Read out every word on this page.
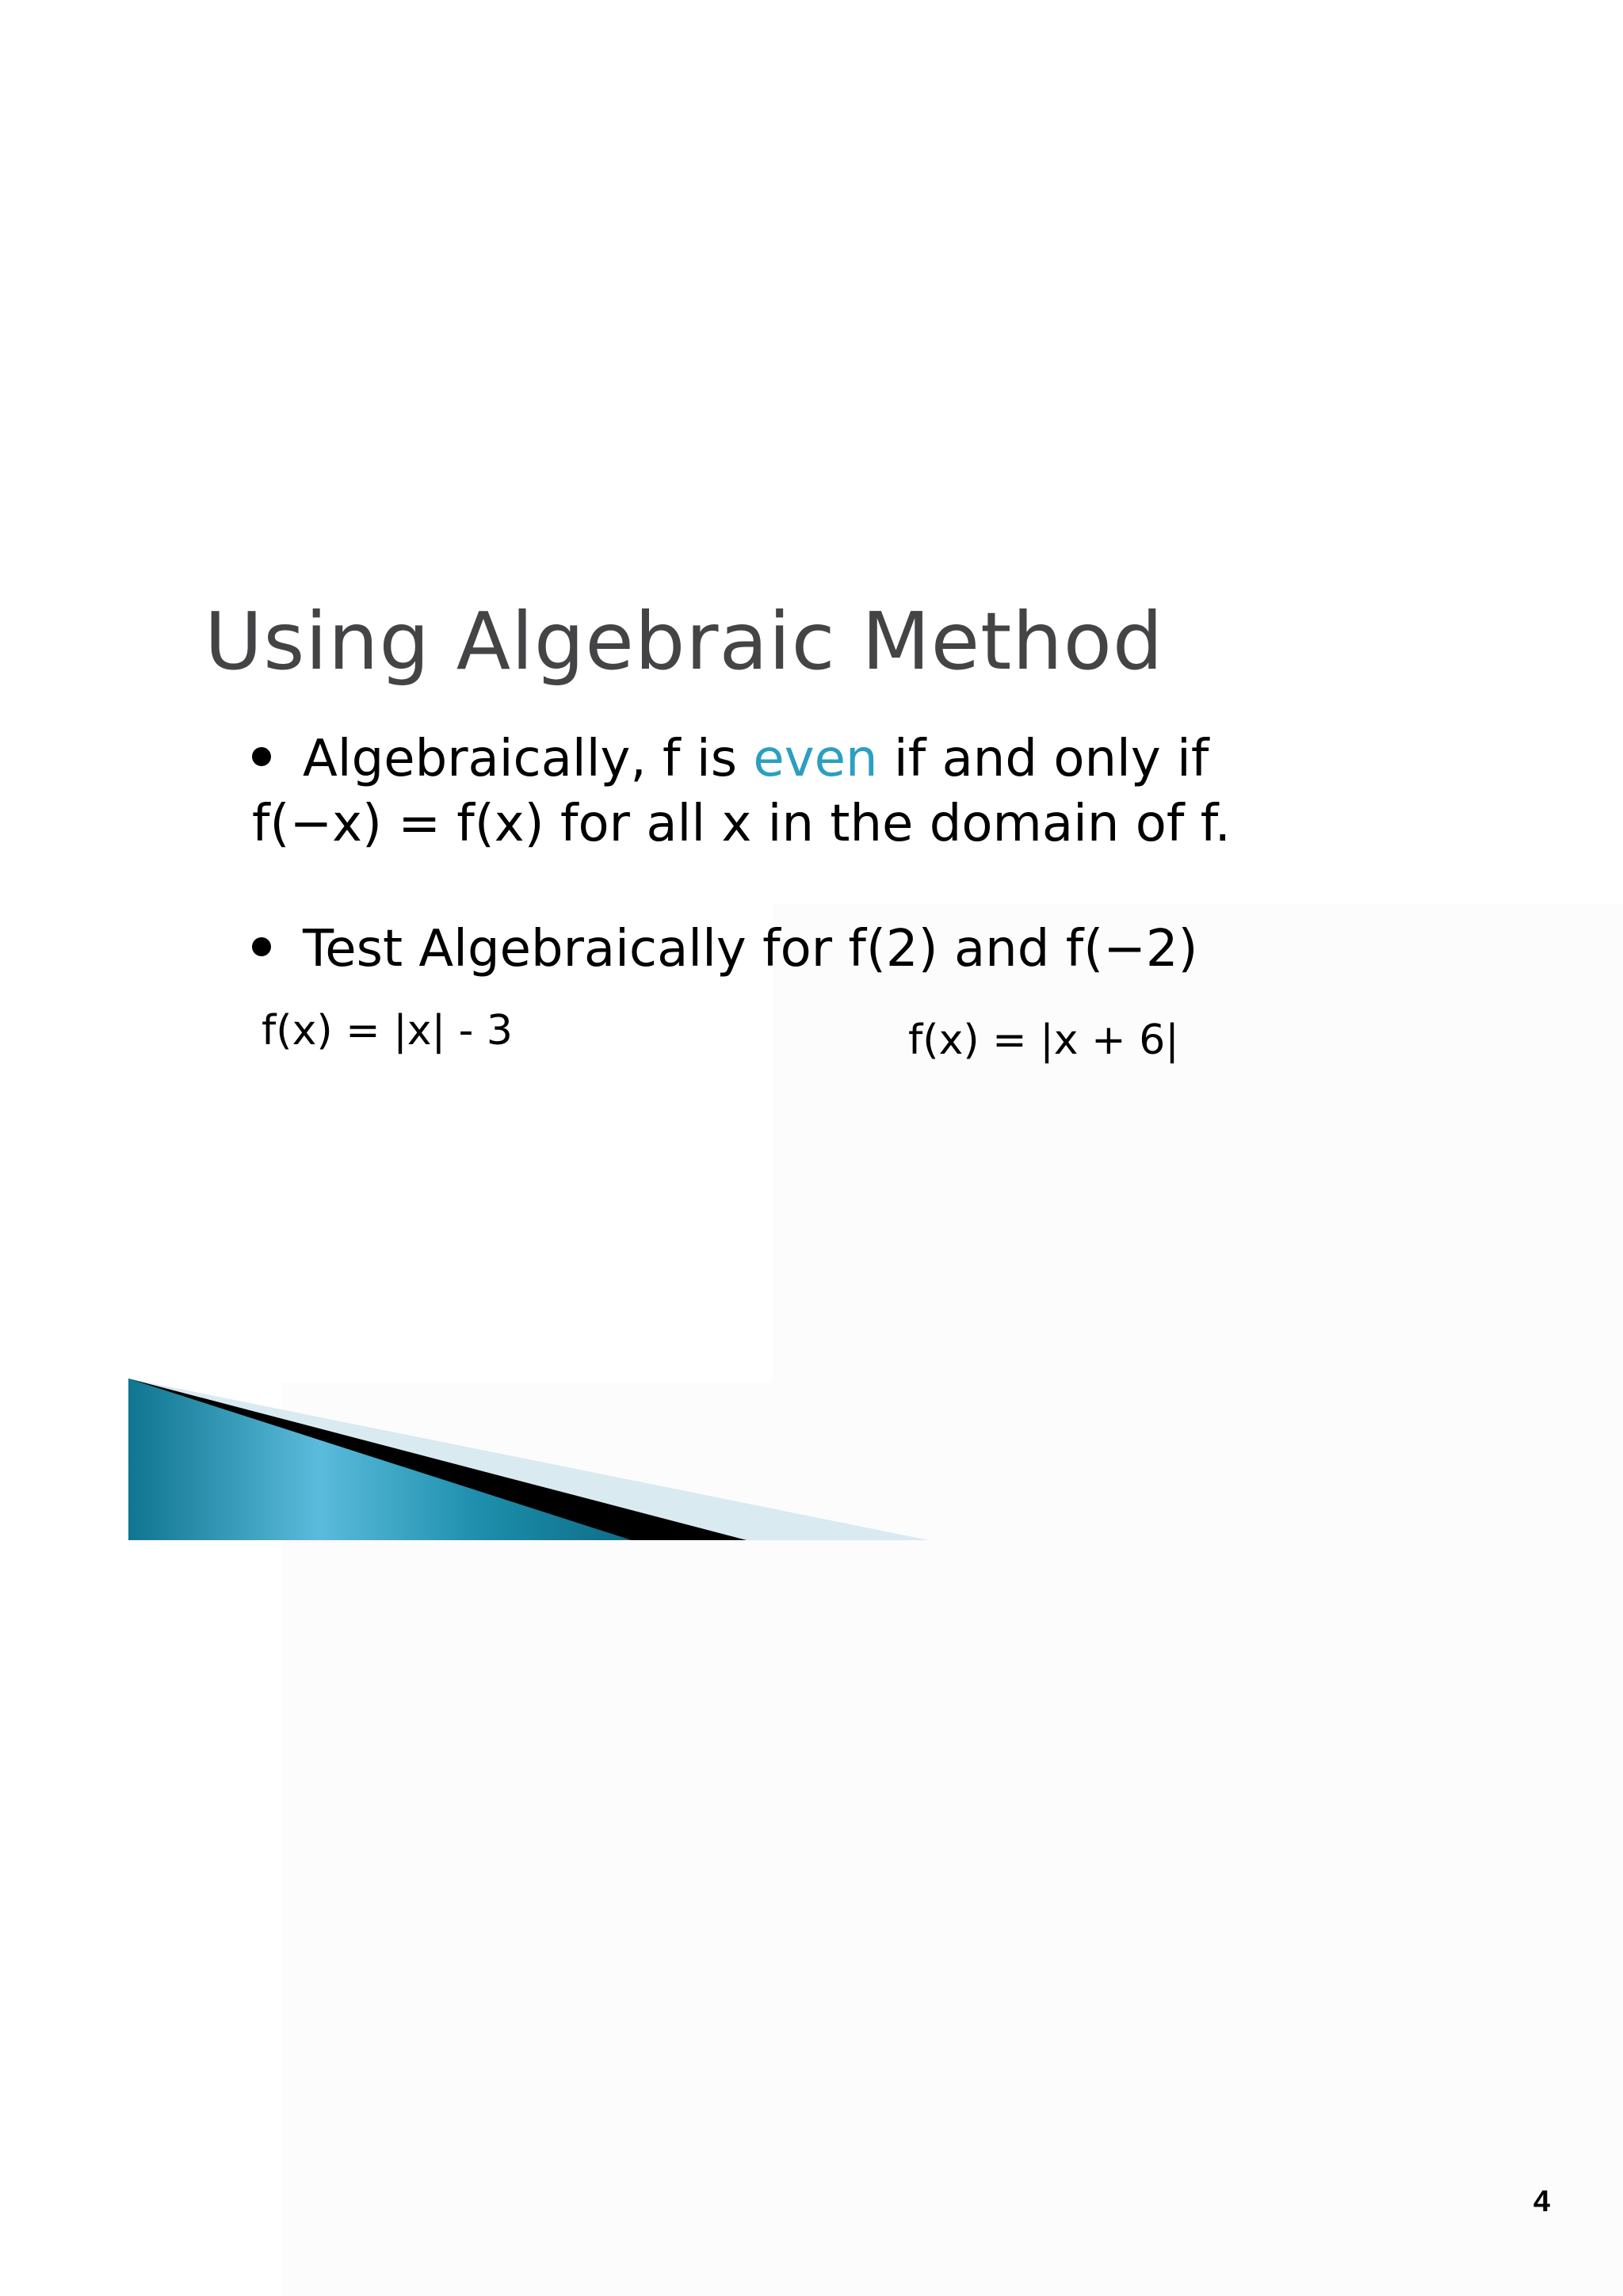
Using Algebraic Method
Algebraically, f is even if and only if
f(−x) = f(x) for all x in the domain of f.
Test Algebraically for f(2) and f(−2)
f(x) = |x| - 3	f(x) = |x + 6|
4
